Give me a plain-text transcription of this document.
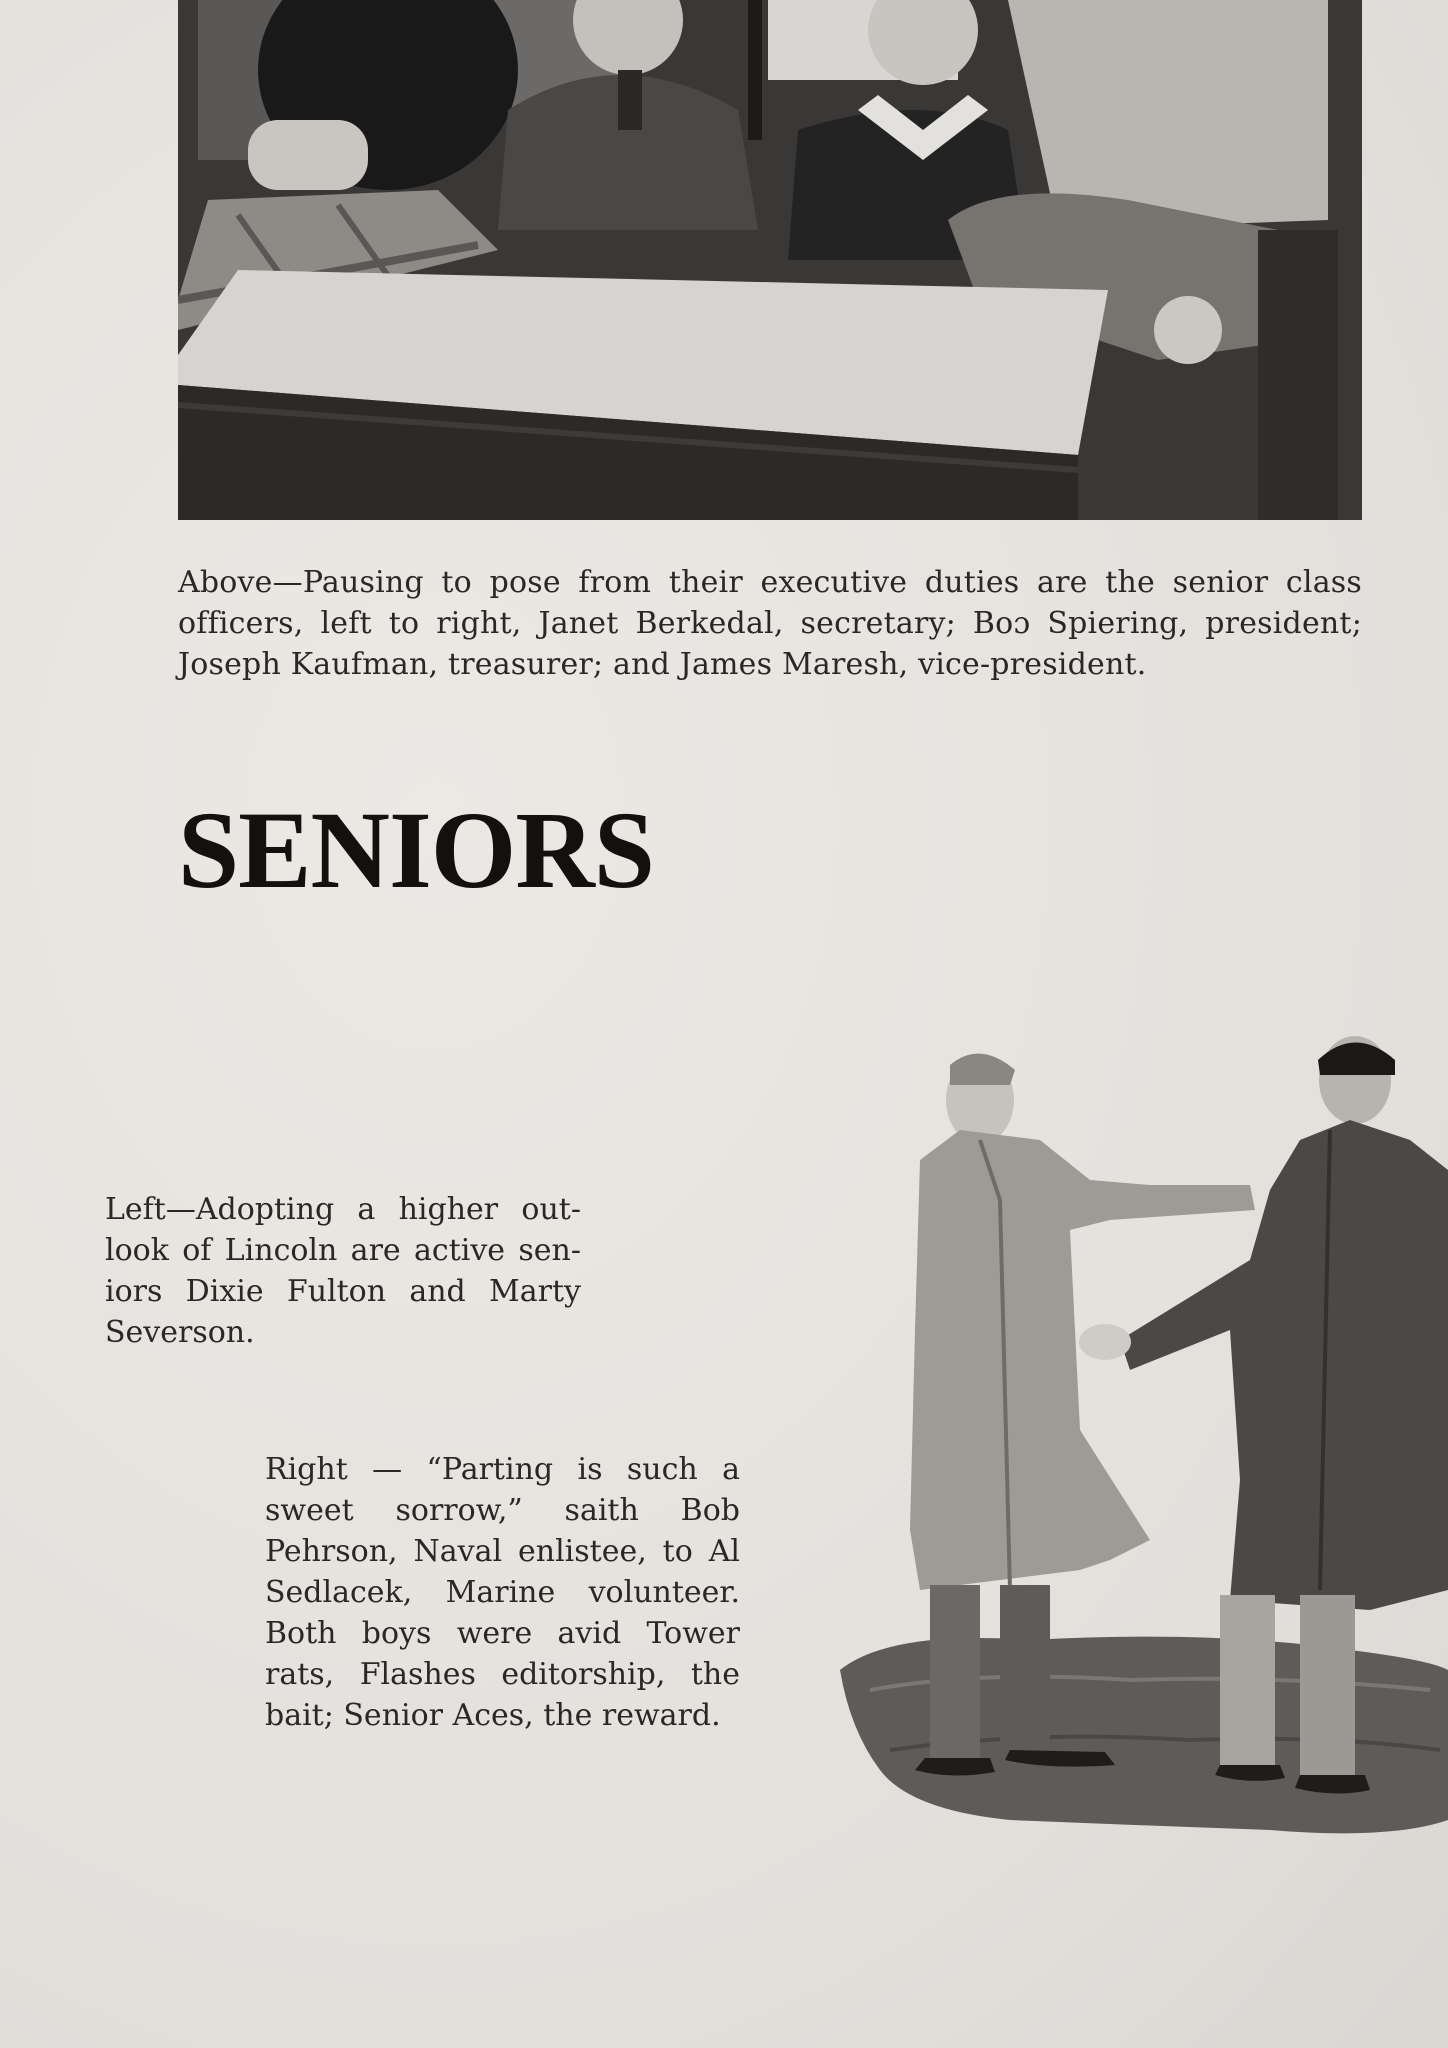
Above—Pausing to pose from their executive duties are the senior class officers, left to right, Janet Berkedal, secretary; Boɔ Spiering, president; Joseph Kaufman, treasurer; and James Maresh, vice-president.
SENIORS
Left—Adopting a higher out-look of Lincoln are active sen-iors Dixie Fulton and Marty Severson.
Right — “Parting is such a sweet sorrow,” saith Bob Pehrson, Naval enlistee, to Al Sedlacek, Marine volunteer. Both boys were avid Tower rats, Flashes editorship, the bait; Senior Aces, the reward.
